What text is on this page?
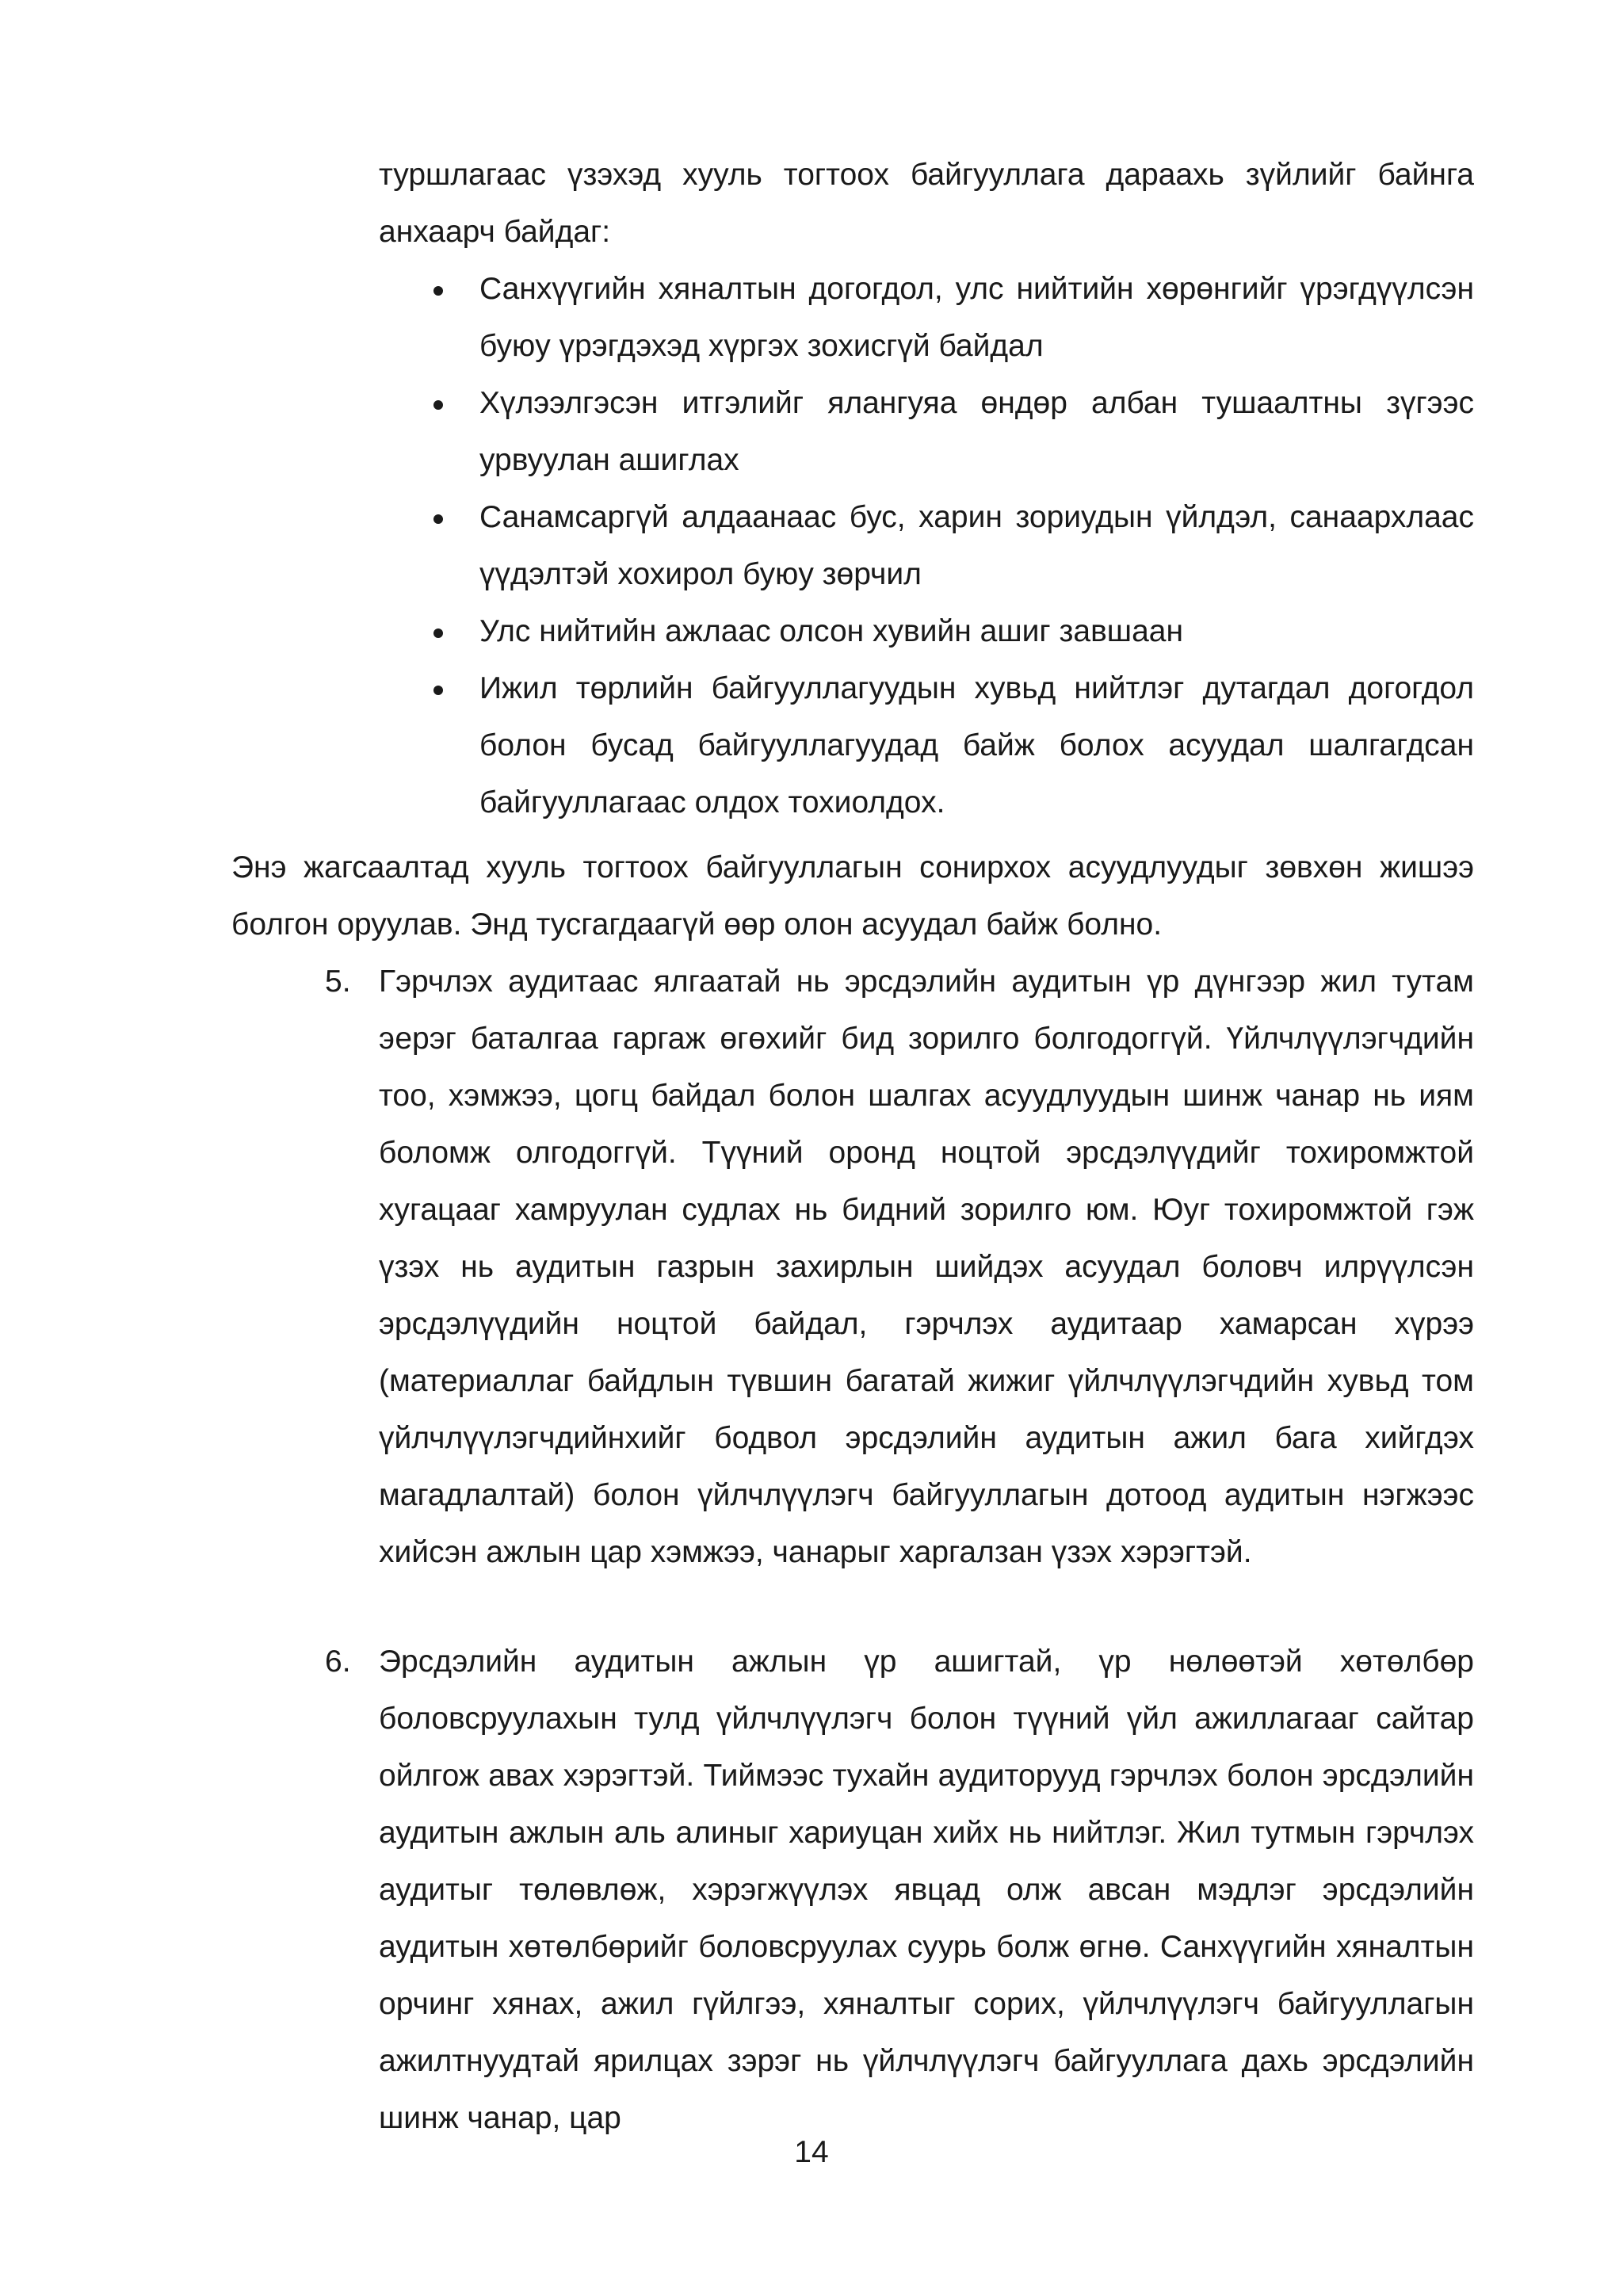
туршлагаас үзэхэд хууль тогтоох байгууллага дараахь зүйлийг байнга анхаарч байдаг:

Санхүүгийн хяналтын догогдол, улс нийтийн хөрөнгийг үрэгдүүлсэн буюу үрэгдэхэд хүргэх зохисгүй байдал
Хүлээлгэсэн итгэлийг ялангуяа өндөр албан тушаалтны зүгээс урвуулан ашиглах
Санамсаргүй алдаанаас бус, харин зориудын үйлдэл, санаархлаас үүдэлтэй хохирол буюу зөрчил
Улс нийтийн ажлаас олсон хувийн ашиг завшаан
Ижил төрлийн байгууллагуудын хувьд нийтлэг дутагдал догогдол болон бусад байгууллагуудад байж болох асуудал шалгагдсан байгууллагаас олдох тохиолдох.

Энэ жагсаалтад хууль тогтоох байгууллагын сонирхох асуудлуудыг зөвхөн жишээ болгон оруулав. Энд тусгагдаагүй өөр олон асуудал байж болно.

5. Гэрчлэх аудитаас ялгаатай нь эрсдэлийн аудитын үр дүнгээр жил тутам эерэг баталгаа гаргаж өгөхийг бид зорилго болгодоггүй. Үйлчлүүлэгчдийн тоо, хэмжээ, цогц байдал болон шалгах асуудлуудын шинж чанар нь иям боломж олгодоггүй. Түүний оронд ноцтой эрсдэлүүдийг тохиромжтой хугацааг хамруулан судлах нь бидний зорилго юм. Юуг тохиромжтой гэж үзэх нь аудитын газрын захирлын шийдэх асуудал боловч илрүүлсэн эрсдэлүүдийн ноцтой байдал, гэрчлэх аудитаар хамарсан хүрээ (материаллаг байдлын түвшин багатай жижиг үйлчлүүлэгчдийн хувьд том үйлчлүүлэгчдийнхийг бодвол эрсдэлийн аудитын ажил бага хийгдэх магадлалтай) болон үйлчлүүлэгч байгууллагын дотоод аудитын нэгжээс хийсэн ажлын цар хэмжээ, чанарыг харгалзан үзэх хэрэгтэй.
6. Эрсдэлийн аудитын ажлын үр ашигтай, үр нөлөөтэй хөтөлбөр боловсруулахын тулд үйлчлүүлэгч болон түүний үйл ажиллагааг сайтар ойлгож авах хэрэгтэй. Тиймээс тухайн аудиторууд гэрчлэх болон эрсдэлийн аудитын ажлын аль алиныг хариуцан хийх нь нийтлэг. Жил тутмын гэрчлэх аудитыг төлөвлөж, хэрэгжүүлэх явцад олж авсан мэдлэг эрсдэлийн аудитын хөтөлбөрийг боловсруулах суурь болж өгнө. Санхүүгийн хяналтын орчинг хянах, ажил гүйлгээ, хяналтыг сорих, үйлчлүүлэгч байгууллагын ажилтнуудтай ярилцах зэрэг нь үйлчлүүлэгч байгууллага дахь эрсдэлийн шинж чанар, цар
14
